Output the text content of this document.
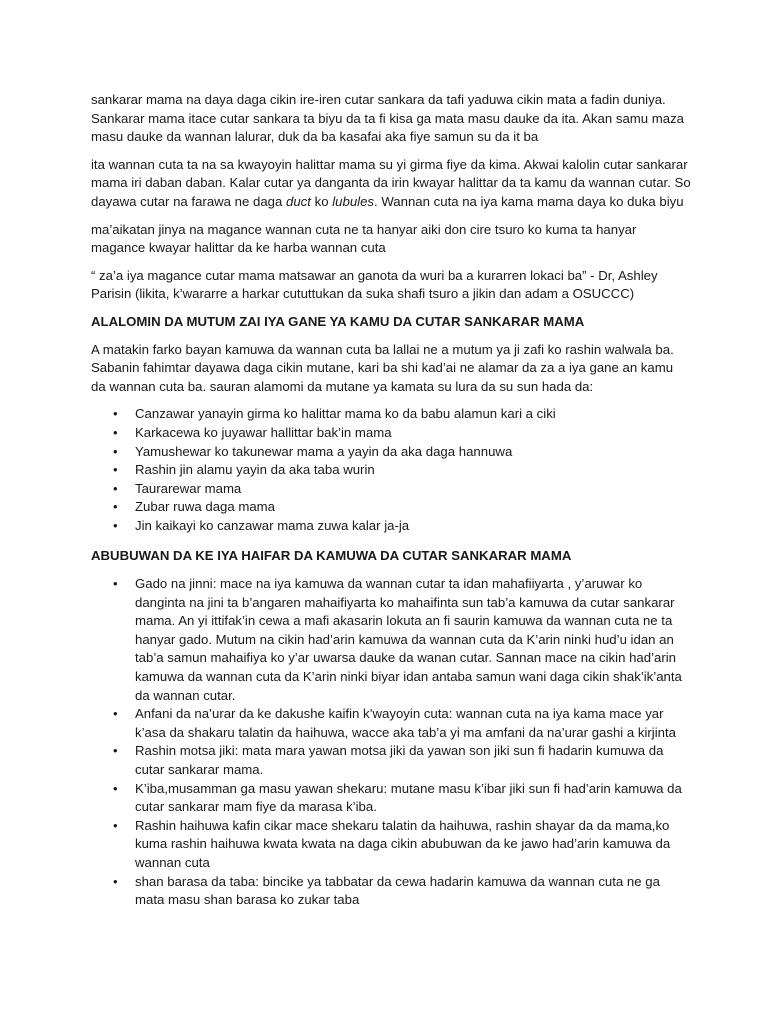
sankarar mama na daya daga cikin ire-iren cutar sankara da tafi yaduwa cikin mata a fadin duniya. Sankarar mama itace cutar sankara ta biyu da ta fi kisa ga mata masu dauke da ita. Akan samu maza masu dauke da wannan lalurar, duk da ba kasafai aka fiye samun su da it ba

ita wannan cuta ta na sa kwayoyin halittar mama su yi girma fiye da kima. Akwai kalolin cutar sankarar mama iri daban daban. Kalar cutar ya danganta da irin kwayar halittar da ta kamu da wannan cutar. So dayawa cutar na farawa ne daga duct ko lubules. Wannan cuta na iya kama mama daya ko duka biyu

ma’aikatan jinya na magance wannan cuta ne ta hanyar aiki don cire tsuro ko kuma ta hanyar magance kwayar halittar da ke harba wannan cuta

“ za’a iya magance cutar mama matsawar an ganota da wuri ba a kurarren lokaci ba” - Dr, Ashley Parisin (likita, k’wararre a harkar cututtukan da suka shafi tsuro a jikin dan adam a OSUCCC)

ALALOMIN DA MUTUM ZAI IYA GANE YA KAMU DA CUTAR SANKARAR MAMA

A matakin farko bayan kamuwa da wannan cuta ba lallai ne a mutum ya ji zafi ko rashin walwala ba. Sabanin fahimtar dayawa daga cikin mutane, kari ba shi kad’ai ne alamar da za a iya gane an kamu da wannan cuta ba. sauran alamomi da mutane ya kamata su lura da su sun hada da:

• Canzawar yanayin girma ko halittar mama ko da babu alamun kari a ciki
• Karkacewa ko juyawar hallittar bak’in mama
• Yamushewar ko takunewar mama a yayin da aka daga hannuwa
• Rashin jin alamu yayin da aka taba wurin
• Taurarewar mama
• Zubar ruwa daga mama
• Jin kaikayi ko canzawar mama zuwa kalar ja-ja
ABUBUWAN DA KE IYA HAIFAR DA KAMUWA DA CUTAR SANKARAR MAMA
• Gado na jinni: mace na iya kamuwa da wannan cutar ta idan mahafiiyarta , y’aruwar ko danginta na jini ta b’angaren mahaifiyarta ko mahaifinta sun tab’a kamuwa da cutar sankarar mama. An yi ittifak’in cewa a mafi akasarin lokuta an fi saurin kamuwa da wannan cuta ne ta hanyar gado. Mutum na cikin had’arin kamuwa da wannan cuta da K’arin ninki hud’u idan an tab’a samun mahaifiya ko y’ar uwarsa dauke da wanan cutar. Sannan mace na cikin had’arin kamuwa da wannan cuta da K’arin ninki biyar idan antaba samun wani daga cikin shak’ik’anta da wannan cutar.
• Anfani da na’urar da ke dakushe kaifin k’wayoyin cuta: wannan cuta na iya kama mace yar k’asa da shakaru talatin da haihuwa, wacce aka tab’a yi ma amfani da na’urar gashi a kirjinta
• Rashin motsa jiki: mata mara yawan motsa jiki da yawan son jiki sun fi hadarin kumuwa da cutar sankarar mama.
• K’iba,musamman ga masu yawan shekaru: mutane masu k’ibar jiki sun fi had’arin kamuwa da cutar sankarar mam fiye da marasa k’iba.
• Rashin haihuwa kafin cikar mace shekaru talatin da haihuwa, rashin shayar da da mama,ko kuma rashin haihuwa kwata kwata na daga cikin abubuwan da ke jawo had’arin kamuwa da wannan cuta
• shan barasa da taba: bincike ya tabbatar da cewa hadarin kamuwa da wannan cuta ne ga mata masu shan barasa ko zukar taba
